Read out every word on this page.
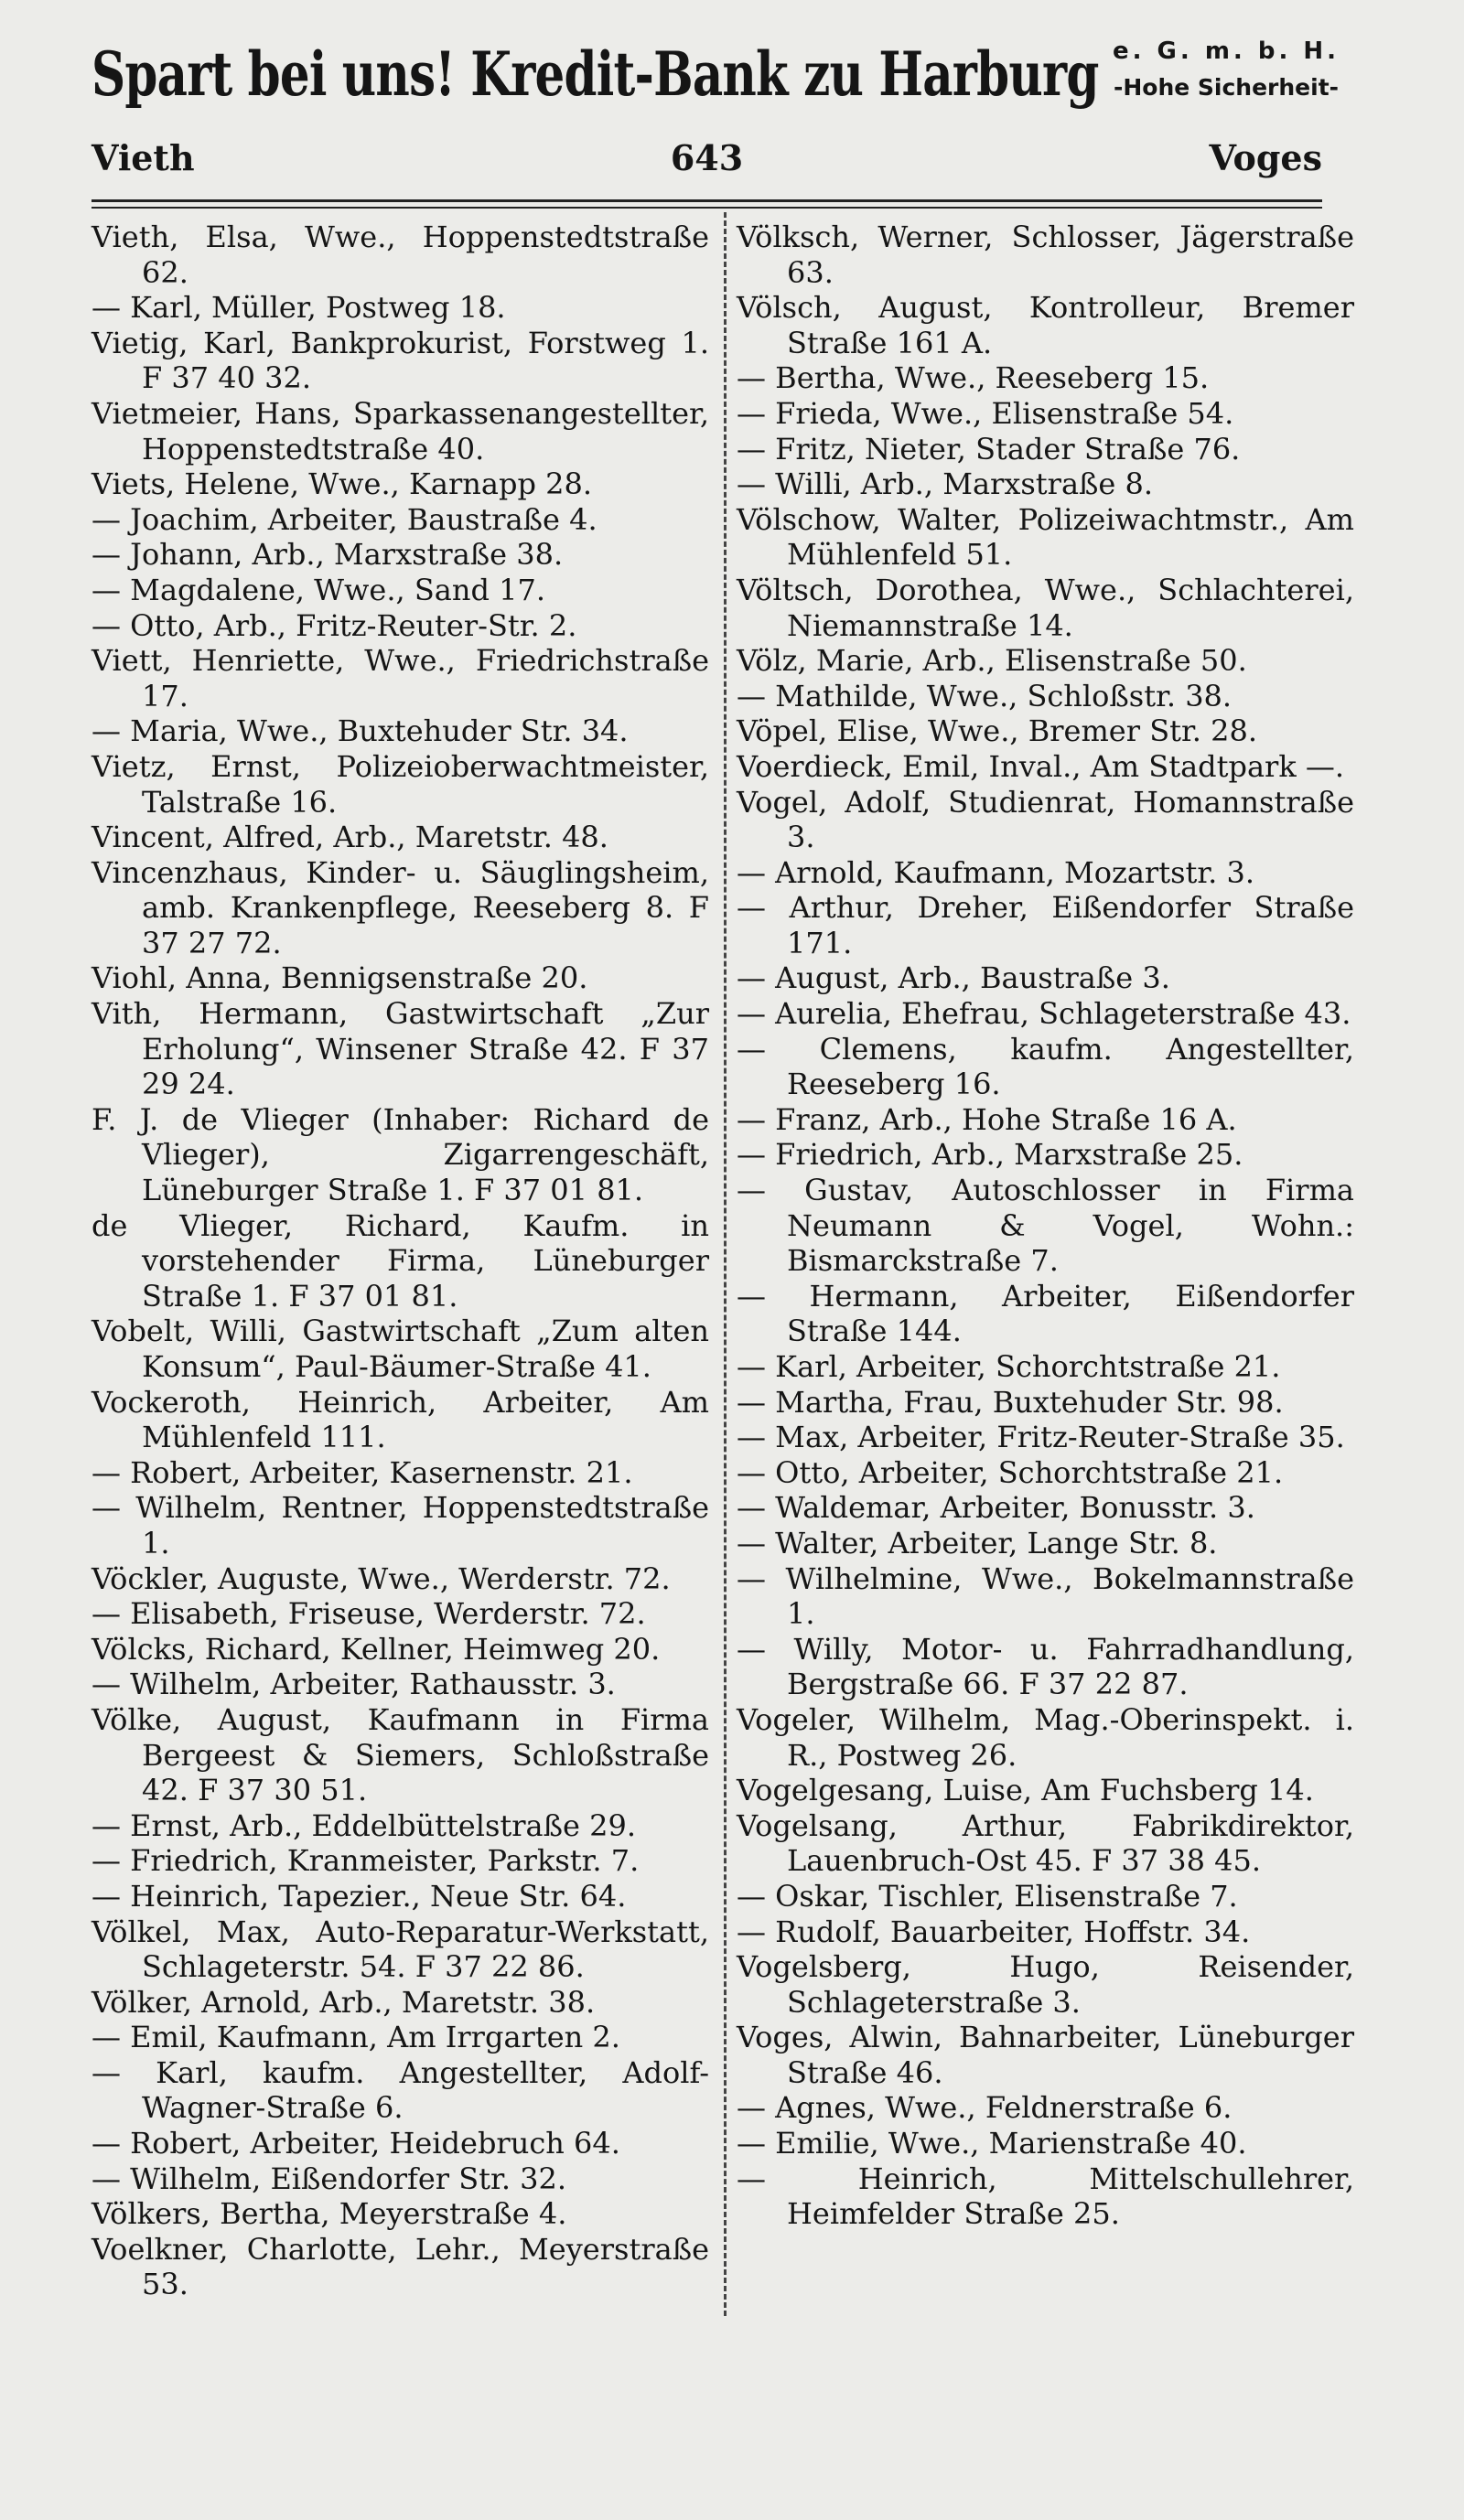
Spart bei uns! Kredit-Bank zu Harburg e. G. m. b. H.
-Hohe Sicherheit-
643
Vieth	Voges
Vieth, Elsa, Wwe., Hoppenstedtstraße 62.
— Karl, Müller, Postweg 18.
Vietig, Karl, Bankprokurist, Forstweg 1. F 37 40 32.
Vietmeier, Hans, Sparkassenangestellter, Hoppenstedtstraße 40.
Viets, Helene, Wwe., Karnapp 28.
— Joachim, Arbeiter, Baustraße 4.
— Johann, Arb., Marxstraße 38.
— Magdalene, Wwe., Sand 17.
— Otto, Arb., Fritz-Reuter-Str. 2.
Viett, Henriette, Wwe., Friedrichstraße 17.
— Maria, Wwe., Buxtehuder Str. 34.
Vietz, Ernst, Polizeioberwachtmeister, Talstraße 16.
Vincent, Alfred, Arb., Maretstr. 48.
Vincenzhaus, Kinder- u. Säuglingsheim, amb. Krankenpflege, Reeseberg 8. F 37 27 72.
Viohl, Anna, Bennigsenstraße 20.
Vith, Hermann, Gastwirtschaft „Zur Erholung“, Winsener Straße 42. F 37 29 24.
F. J. de Vlieger (Inhaber: Richard de Vlieger), Zigarrengeschäft, Lüneburger Straße 1. F 37 01 81.
de Vlieger, Richard, Kaufm. in vorstehender Firma, Lüneburger Straße 1. F 37 01 81.
Vobelt, Willi, Gastwirtschaft „Zum alten Konsum“, Paul-Bäumer-Straße 41.
Vockeroth, Heinrich, Arbeiter, Am Mühlenfeld 111.
— Robert, Arbeiter, Kasernenstr. 21.
— Wilhelm, Rentner, Hoppenstedtstraße 1.
Vöckler, Auguste, Wwe., Werderstr. 72.
— Elisabeth, Friseuse, Werderstr. 72.
Völcks, Richard, Kellner, Heimweg 20.
— Wilhelm, Arbeiter, Rathausstr. 3.
Völke, August, Kaufmann in Firma Bergeest & Siemers, Schloßstraße 42. F 37 30 51.
— Ernst, Arb., Eddelbüttelstraße 29.
— Friedrich, Kranmeister, Parkstr. 7.
— Heinrich, Tapezier., Neue Str. 64.
Völkel, Max, Auto-Reparatur-Werkstatt, Schlageterstr. 54. F 37 22 86.
Völker, Arnold, Arb., Maretstr. 38.
— Emil, Kaufmann, Am Irrgarten 2.
— Karl, kaufm. Angestellter, Adolf-Wagner-Straße 6.
— Robert, Arbeiter, Heidebruch 64.
— Wilhelm, Eißendorfer Str. 32.
Völkers, Bertha, Meyerstraße 4.
Voelkner, Charlotte, Lehr., Meyerstraße 53.
Völksch, Werner, Schlosser, Jägerstraße 63.
Völsch, August, Kontrolleur, Bremer Straße 161 A.
— Bertha, Wwe., Reeseberg 15.
— Frieda, Wwe., Elisenstraße 54.
— Fritz, Nieter, Stader Straße 76.
— Willi, Arb., Marxstraße 8.
Völschow, Walter, Polizeiwachtmstr., Am Mühlenfeld 51.
Völtsch, Dorothea, Wwe., Schlachterei, Niemannstraße 14.
Völz, Marie, Arb., Elisenstraße 50.
— Mathilde, Wwe., Schloßstr. 38.
Vöpel, Elise, Wwe., Bremer Str. 28.
Voerdieck, Emil, Inval., Am Stadtpark —.
Vogel, Adolf, Studienrat, Homannstraße 3.
— Arnold, Kaufmann, Mozartstr. 3.
— Arthur, Dreher, Eißendorfer Straße 171.
— August, Arb., Baustraße 3.
— Aurelia, Ehefrau, Schlageterstraße 43.
— Clemens, kaufm. Angestellter, Reeseberg 16.
— Franz, Arb., Hohe Straße 16 A.
— Friedrich, Arb., Marxstraße 25.
— Gustav, Autoschlosser in Firma Neumann & Vogel, Wohn.: Bismarckstraße 7.
— Hermann, Arbeiter, Eißendorfer Straße 144.
— Karl, Arbeiter, Schorchtstraße 21.
— Martha, Frau, Buxtehuder Str. 98.
— Max, Arbeiter, Fritz-Reuter-Straße 35.
— Otto, Arbeiter, Schorchtstraße 21.
— Waldemar, Arbeiter, Bonusstr. 3.
— Walter, Arbeiter, Lange Str. 8.
— Wilhelmine, Wwe., Bokelmannstraße 1.
— Willy, Motor- u. Fahrradhandlung, Bergstraße 66. F 37 22 87.
Vogeler, Wilhelm, Mag.-Oberinspekt. i. R., Postweg 26.
Vogelgesang, Luise, Am Fuchsberg 14.
Vogelsang, Arthur, Fabrikdirektor, Lauenbruch-Ost 45. F 37 38 45.
— Oskar, Tischler, Elisenstraße 7.
— Rudolf, Bauarbeiter, Hoffstr. 34.
Vogelsberg, Hugo, Reisender, Schlageterstraße 3.
Voges, Alwin, Bahnarbeiter, Lüneburger Straße 46.
— Agnes, Wwe., Feldnerstraße 6.
— Emilie, Wwe., Marienstraße 40.
— Heinrich, Mittelschullehrer, Heimfelder Straße 25.
